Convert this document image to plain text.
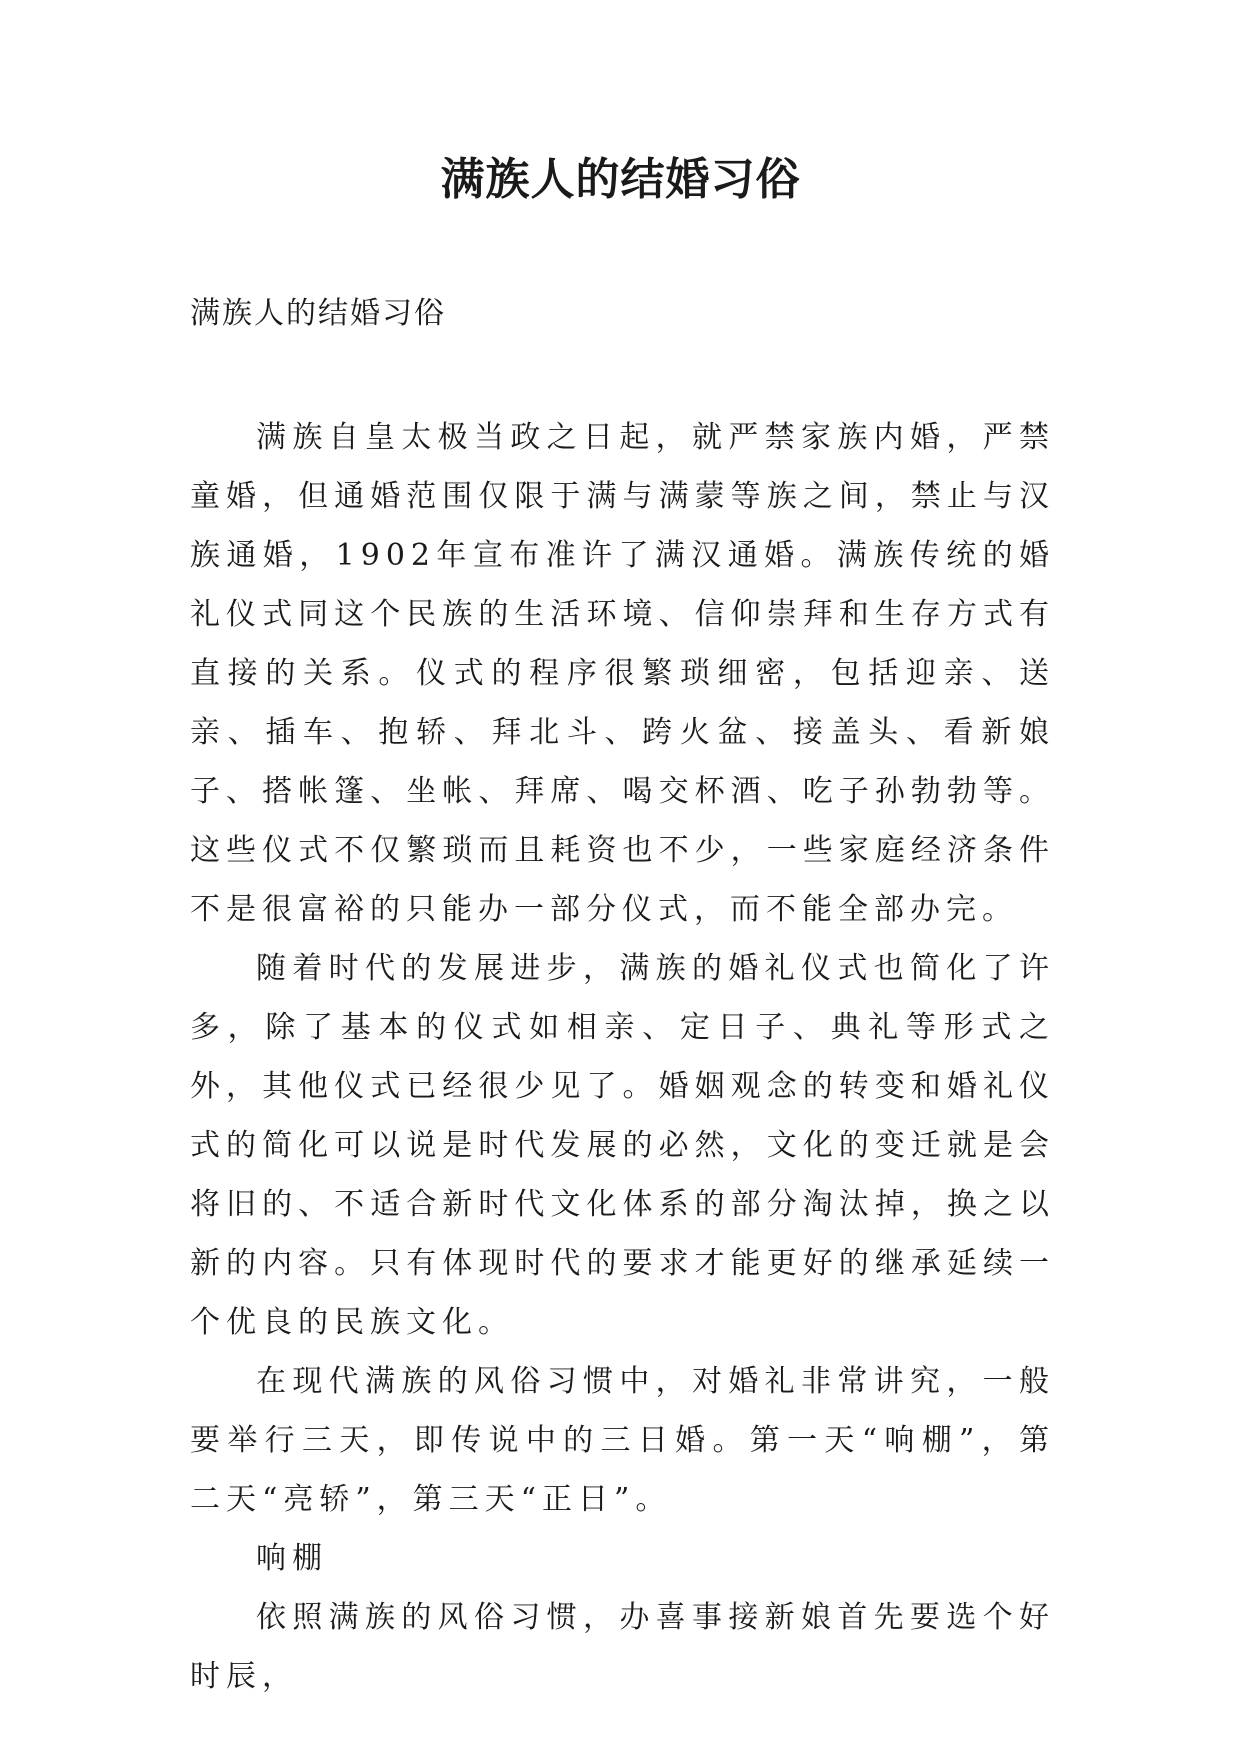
满族人的结婚习俗

满族人的结婚习俗

满族自皇太极当政之日起，就严禁家族内婚，严禁童婚，但通婚范围仅限于满与满蒙等族之间，禁止与汉族通婚，1902年宣布准许了满汉通婚。满族传统的婚礼仪式同这个民族的生活环境、信仰崇拜和生存方式有直接的关系。仪式的程序很繁琐细密，包括迎亲、送亲、插车、抱轿、拜北斗、跨火盆、接盖头、看新娘子、搭帐篷、坐帐、拜席、喝交杯酒、吃子孙勃勃等。这些仪式不仅繁琐而且耗资也不少，一些家庭经济条件不是很富裕的只能办一部分仪式，而不能全部办完。

随着时代的发展进步，满族的婚礼仪式也简化了许多，除了基本的仪式如相亲、定日子、典礼等形式之外，其他仪式已经很少见了。婚姻观念的转变和婚礼仪式的简化可以说是时代发展的必然，文化的变迁就是会将旧的、不适合新时代文化体系的部分淘汰掉，换之以新的内容。只有体现时代的要求才能更好的继承延续一个优良的民族文化。

在现代满族的风俗习惯中，对婚礼非常讲究，一般要举行三天，即传说中的三日婚。第一天“响棚”，第二天“亮轿”，第三天“正日”。

响棚

依照满族的风俗习惯，办喜事接新娘首先要选个好时辰，
